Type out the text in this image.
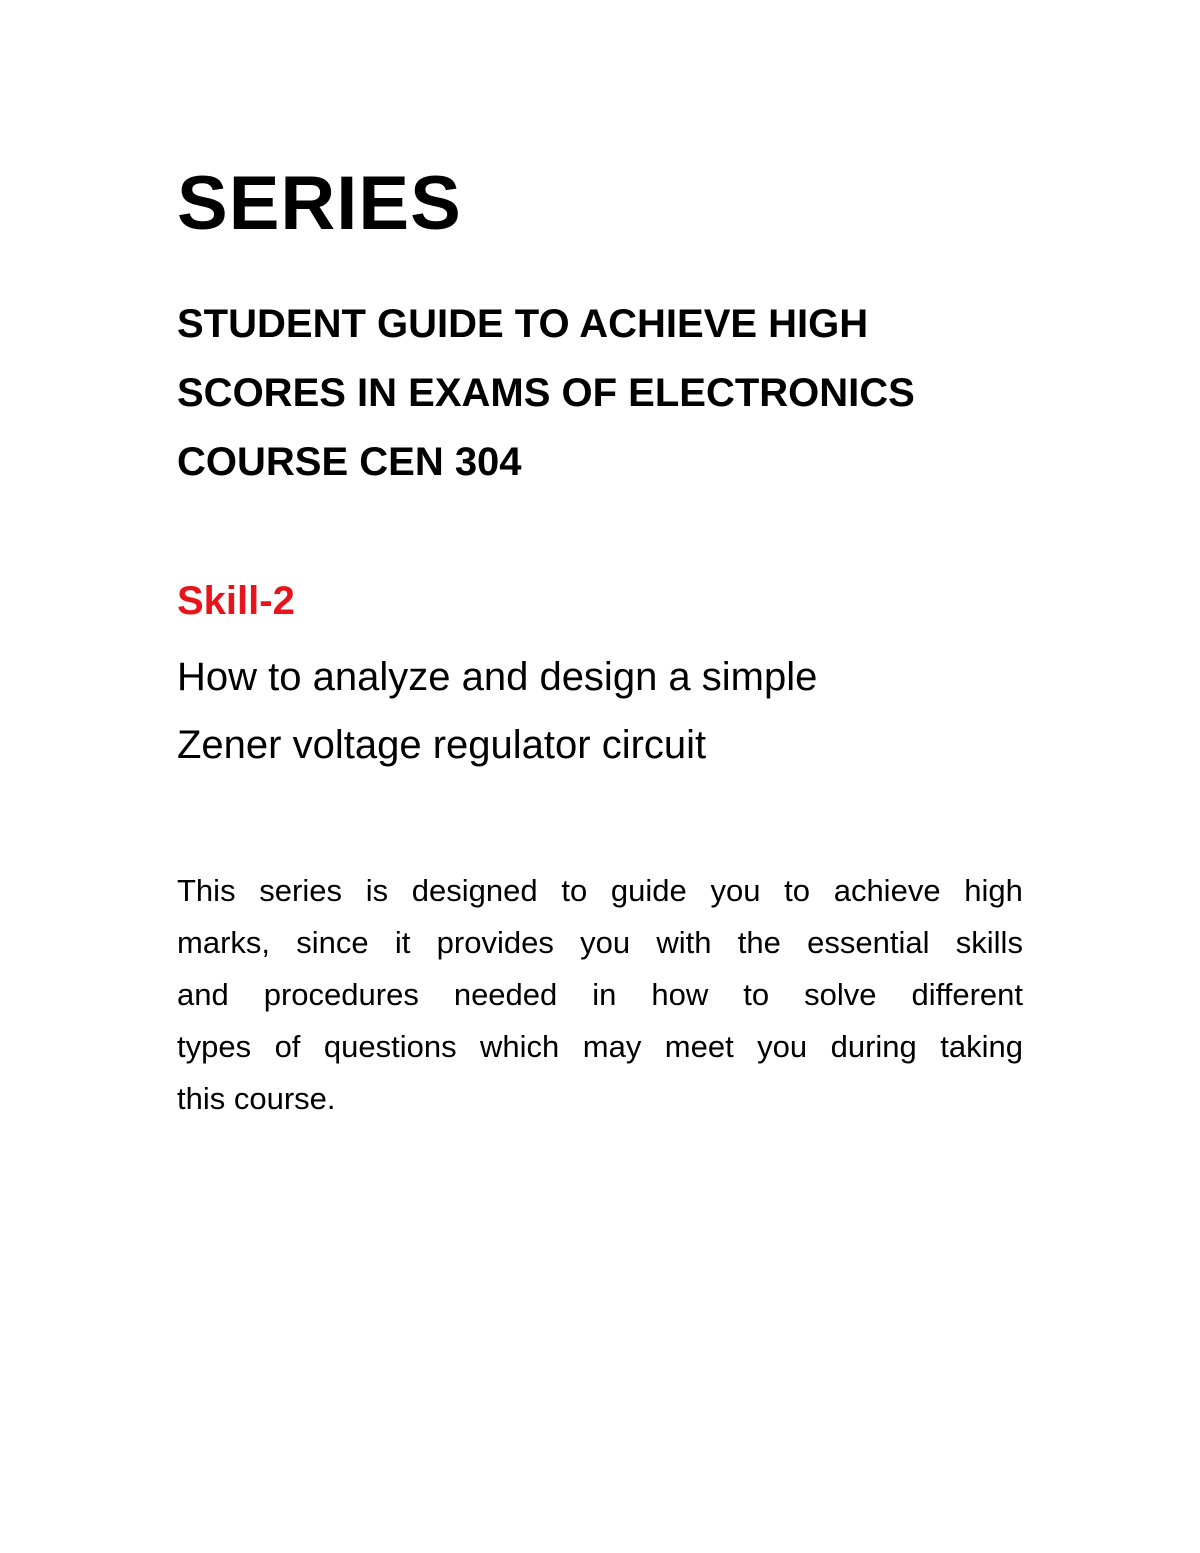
SERIES
STUDENT GUIDE TO ACHIEVE HIGH
SCORES IN EXAMS OF ELECTRONICS
COURSE CEN 304
Skill-2
How to analyze and design a simple
Zener voltage regulator circuit
This series is designed to guide you to achieve high
marks, since it provides you with the essential skills
and procedures needed in how to solve different
types of questions which may meet you during taking
this course.
